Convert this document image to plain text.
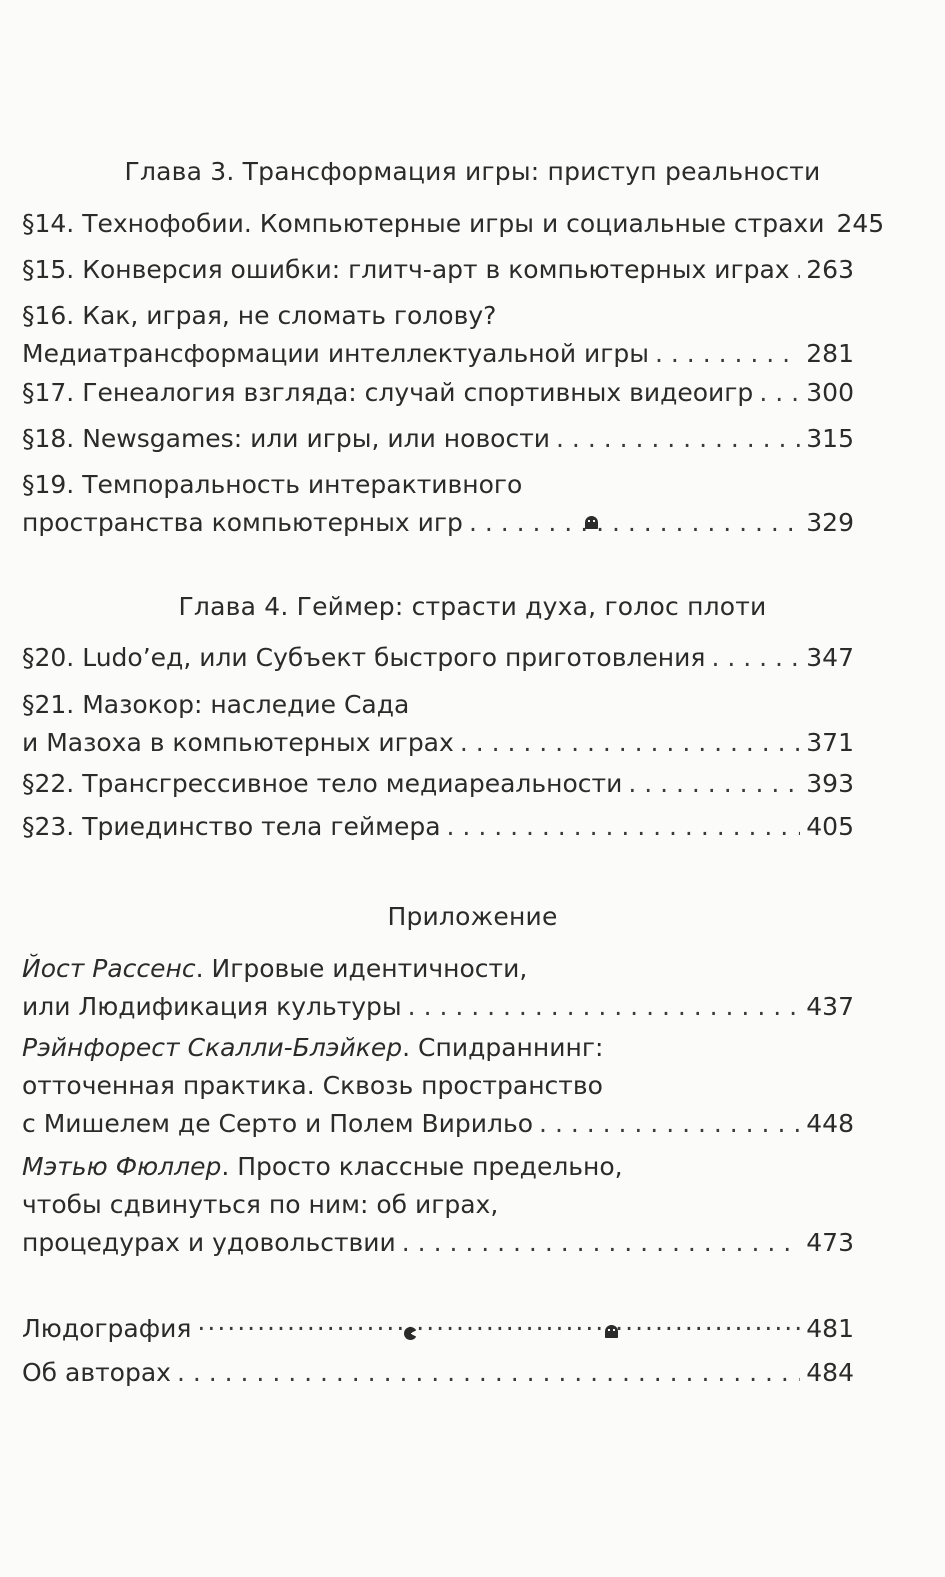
Глава 3. Трансформация игры: приступ реальности
§14. Технофобии. Компьютерные игры и социальные страхи 245
§15. Конверсия ошибки: глитч-арт в компьютерных играх . . . 263
§16. Как, играя, не сломать голову?
Медиатрансформации интеллектуальной игры . . .	281
§17. Генеалогия взгляда: случай спортивных видеоигр . . . 300
§18. Newsgames: или игры, или новости . . .	315
§19. Темпоральность интерактивного
пространства компьютерных игр . . .	329
Глава 4. Геймер: страсти духа, голос плоти
§20. Ludo’ед, или Субъект быстрого приготовления . . .	347
§21. Мазокор: наследие Сада
и Мазоха в компьютерных играх . . .	371
§22. Трансгрессивное тело медиареальности . . .	393
§23. Триединство тела геймера . . .	405
Приложение
Йост Рассенс. Игровые идентичности,
или Людификация культуры . . .	437
Рэйнфорест Скалли-Блэйкер. Спидраннинг:
отточенная практика. Сквозь пространство
с Мишелем де Серто и Полем Вирильо . . .	448
Мэтью Фюллер. Просто классные предельно,
чтобы сдвинуться по ним: об играх,
процедурах и удовольствии . . .	473
Людография ·····	481
Об авторах . . .	484
